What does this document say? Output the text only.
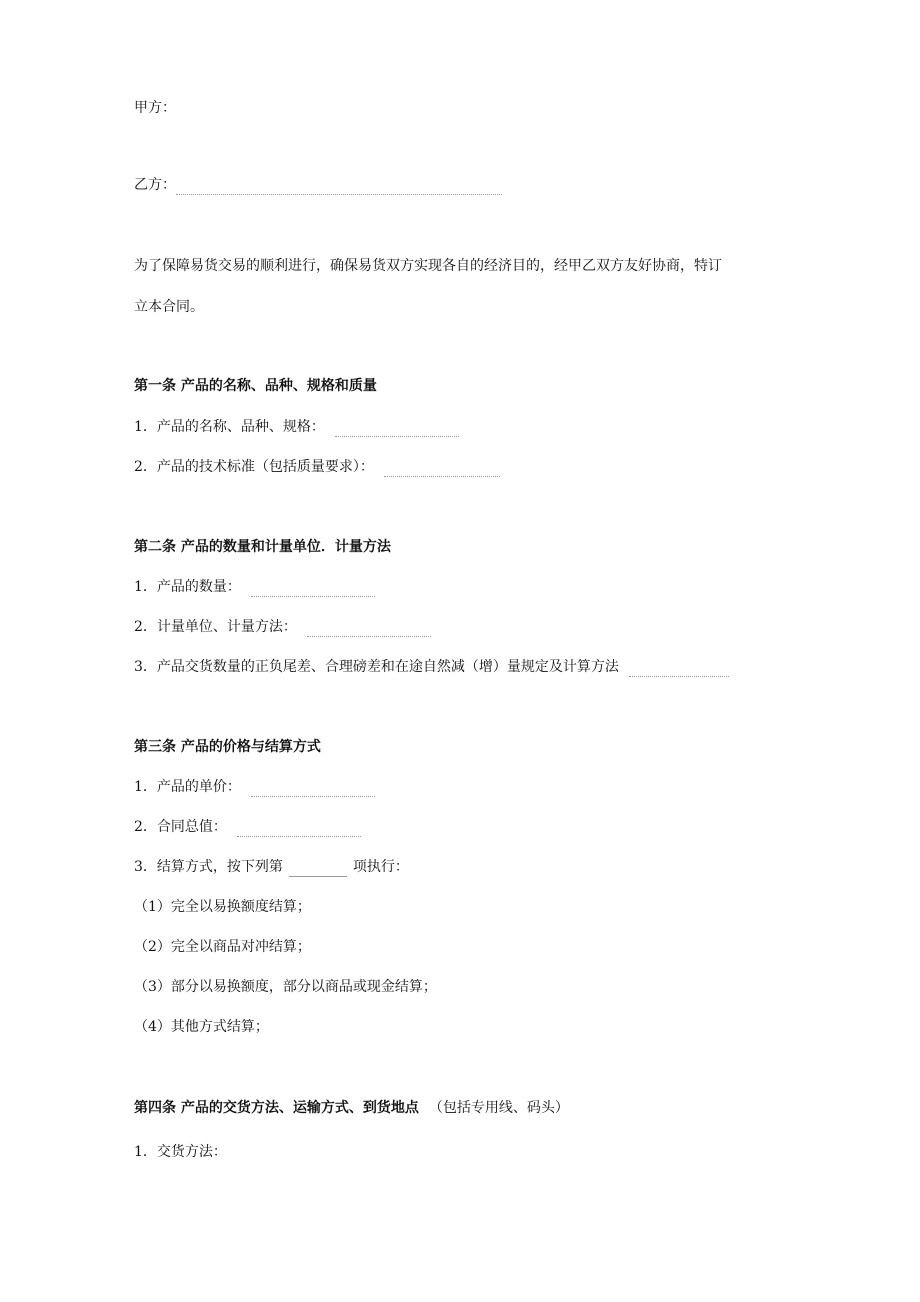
甲方：
乙方：
为了保障易货交易的顺利进行，确保易货双方实现各自的经济目的，经甲乙双方友好协商，特订
立本合同。
第一条 产品的名称、品种、规格和质量
1．产品的名称、品种、规格：
2．产品的技术标准（包括质量要求）：
第二条 产品的数量和计量单位．计量方法
1．产品的数量：
2．计量单位、计量方法：
3．产品交货数量的正负尾差、合理磅差和在途自然减（增）量规定及计算方法
第三条 产品的价格与结算方式
1．产品的单价：
2．合同总值：
3．结算方式，按下列第	项执行：
（1）完全以易换额度结算；
（2）完全以商品对冲结算；
（3）部分以易换额度，部分以商品或现金结算；
（4）其他方式结算；
第四条 产品的交货方法、运输方式、到货地点 （包括专用线、码头）
1．交货方法：
